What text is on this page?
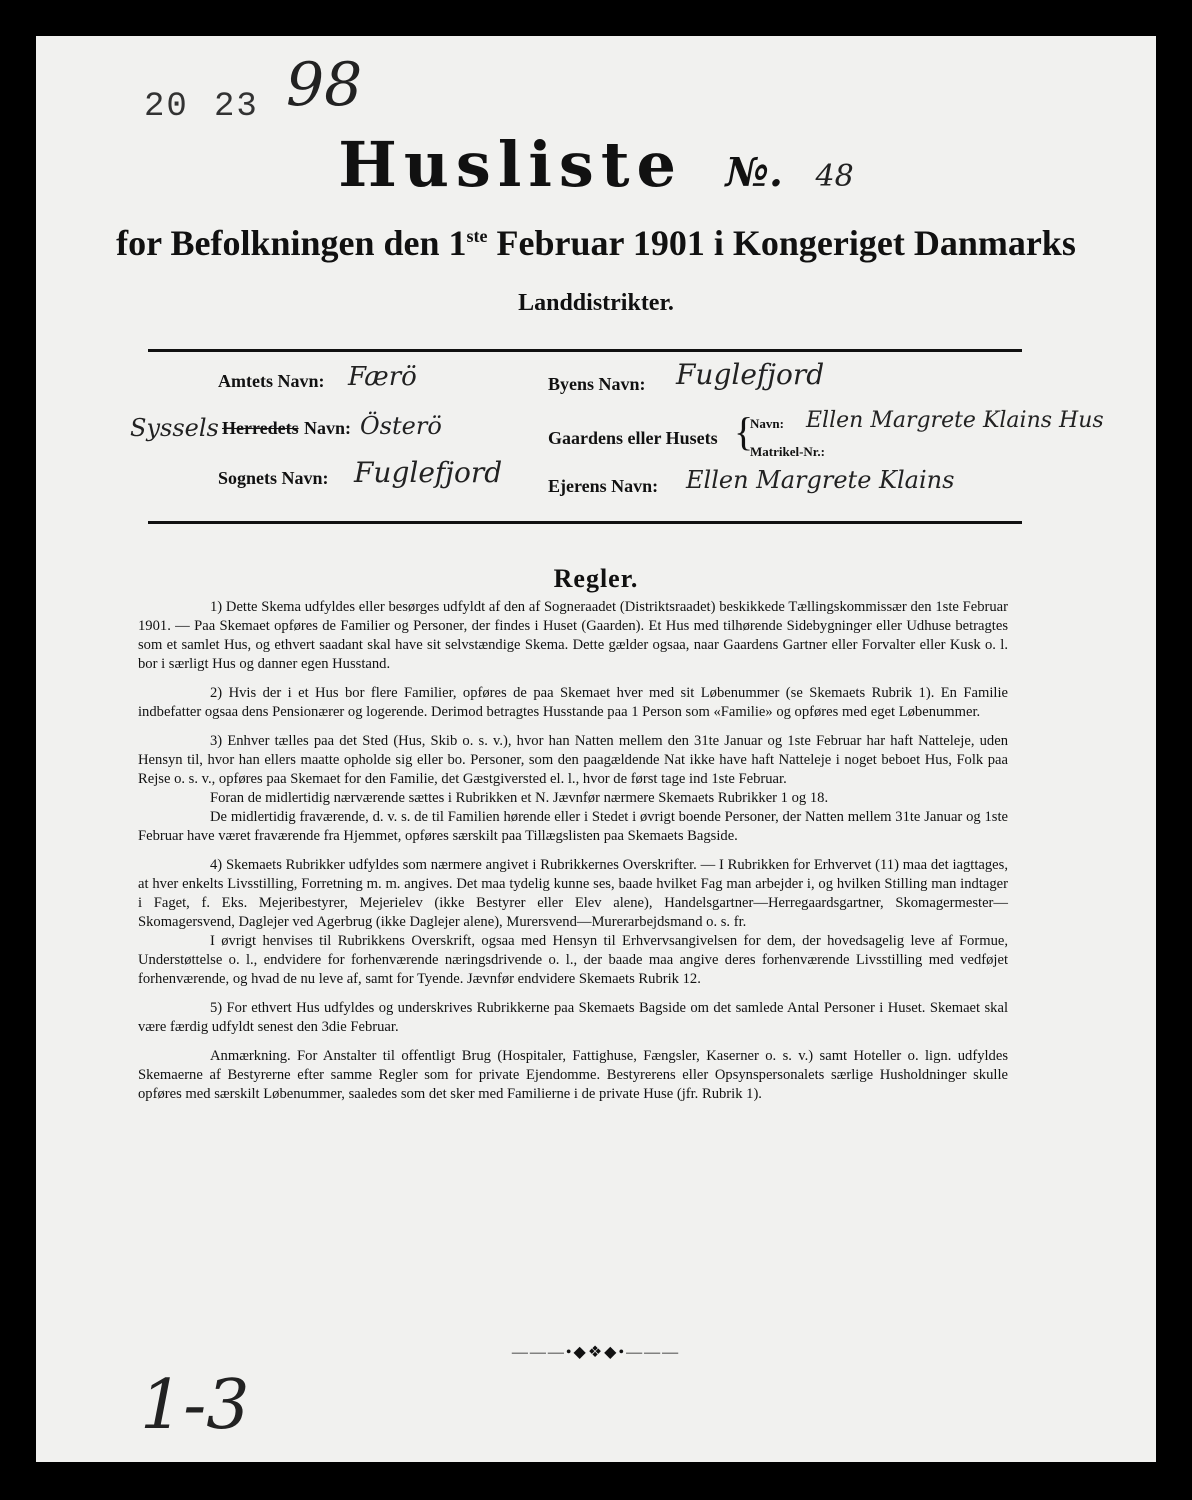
20 23 98
Husliste №. 48
for Befolkningen den 1ste Februar 1901 i Kongeriget Danmarks
Landdistrikter.
Amtets Navn: Færö
Syssels Herredets Navn: Österö
Sognets Navn: Fuglefjord
Byens Navn: Fuglefjord
Gaardens eller Husets {
Navn: Ellen Margrete Klains Hus
Matrikel-Nr.:
Ejerens Navn: Ellen Margrete Klains
Regler.

1) Dette Skema udfyldes eller besørges udfyldt af den af Sogneraadet (Distriktsraadet) beskikkede Tællingskommissær den 1ste Februar 1901. — Paa Skemaet opføres de Familier og Personer, der findes i Huset (Gaarden). Et Hus med tilhørende Sidebygninger eller Udhuse betragtes som et samlet Hus, og ethvert saadant skal have sit selvstændige Skema. Dette gælder ogsaa, naar Gaardens Gartner eller Forvalter eller Kusk o. l. bor i særligt Hus og danner egen Husstand.

2) Hvis der i et Hus bor flere Familier, opføres de paa Skemaet hver med sit Løbenummer (se Skemaets Rubrik 1). En Familie indbefatter ogsaa dens Pensionærer og logerende. Derimod betragtes Husstande paa 1 Person som «Familie» og opføres med eget Løbenummer.

3) Enhver tælles paa det Sted (Hus, Skib o. s. v.), hvor han Natten mellem den 31te Januar og 1ste Februar har haft Natteleje, uden Hensyn til, hvor han ellers maatte opholde sig eller bo. Personer, som den paagældende Nat ikke have haft Natteleje i noget beboet Hus, Folk paa Rejse o. s. v., opføres paa Skemaet for den Familie, det Gæstgiversted el. l., hvor de først tage ind 1ste Februar.

Foran de midlertidig nærværende sættes i Rubrikken et N. Jævnfør nærmere Skemaets Rubrikker 1 og 18.

De midlertidig fraværende, d. v. s. de til Familien hørende eller i Stedet i øvrigt boende Personer, der Natten mellem 31te Januar og 1ste Februar have været fraværende fra Hjemmet, opføres særskilt paa Tillægslisten paa Skemaets Bagside.

4) Skemaets Rubrikker udfyldes som nærmere angivet i Rubrikkernes Overskrifter. — I Rubrikken for Erhvervet (11) maa det iagttages, at hver enkelts Livsstilling, Forretning m. m. angives. Det maa tydelig kunne ses, baade hvilket Fag man arbejder i, og hvilken Stilling man indtager i Faget, f. Eks. Mejeribestyrer, Mejerielev (ikke Bestyrer eller Elev alene), Handelsgartner—Herregaardsgartner, Skomagermester—Skomagersvend, Daglejer ved Agerbrug (ikke Daglejer alene), Murersvend—Murerarbejdsmand o. s. fr.

I øvrigt henvises til Rubrikkens Overskrift, ogsaa med Hensyn til Erhvervsangivelsen for dem, der hovedsagelig leve af Formue, Understøttelse o. l., endvidere for forhenværende næringsdrivende o. l., der baade maa angive deres forhenværende Livsstilling med vedføjet forhenværende, og hvad de nu leve af, samt for Tyende. Jævnfør endvidere Skemaets Rubrik 12.

5) For ethvert Hus udfyldes og underskrives Rubrikkerne paa Skemaets Bagside om det samlede Antal Personer i Huset. Skemaet skal være færdig udfyldt senest den 3die Februar.

Anmærkning. For Anstalter til offentligt Brug (Hospitaler, Fattighuse, Fængsler, Kaserner o. s. v.) samt Hoteller o. lign. udfyldes Skemaerne af Bestyrerne efter samme Regler som for private Ejendomme. Bestyrerens eller Opsynspersonalets særlige Husholdninger skulle opføres med særskilt Løbenummer, saaledes som det sker med Familierne i de private Huse (jfr. Rubrik 1).

———•◆❖◆•———
1-3
